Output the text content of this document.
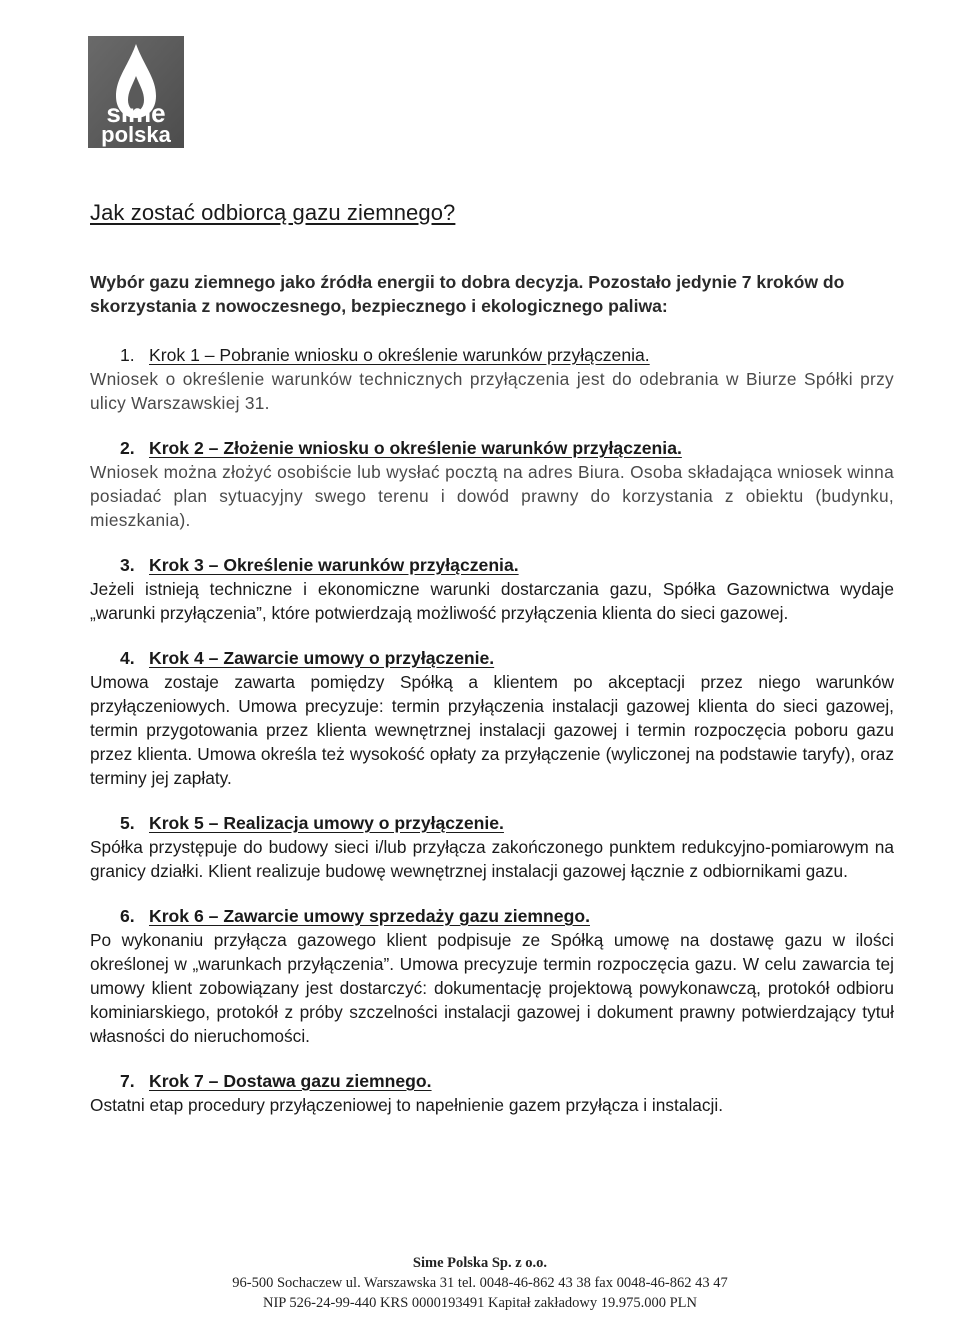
sime
polska
Jak zostać odbiorcą gazu ziemnego?

Wybór gazu ziemnego jako źródła energii to dobra decyzja. Pozostało jedynie 7 kroków do skorzystania z nowoczesnego, bezpiecznego i ekologicznego paliwa:

1. Krok 1 – Pobranie wniosku o określenie warunków przyłączenia.

Wniosek o określenie warunków technicznych przyłączenia jest do odebrania w Biurze Spółki przy ulicy Warszawskiej 31.

2. Krok 2 – Złożenie wniosku o określenie warunków przyłączenia.

Wniosek można złożyć osobiście lub wysłać pocztą na adres Biura. Osoba składająca wniosek winna posiadać plan sytuacyjny swego terenu i dowód prawny do korzystania z obiektu (budynku, mieszkania).

3. Krok 3 – Określenie warunków przyłączenia.

Jeżeli istnieją techniczne i ekonomiczne warunki dostarczania gazu, Spółka Gazownictwa wydaje „warunki przyłączenia”, które potwierdzają możliwość przyłączenia klienta do sieci gazowej.

4. Krok 4 – Zawarcie umowy o przyłączenie.

Umowa zostaje zawarta pomiędzy Spółką a klientem po akceptacji przez niego warunków przyłączeniowych. Umowa precyzuje: termin przyłączenia instalacji gazowej klienta do sieci gazowej, termin przygotowania przez klienta wewnętrznej instalacji gazowej i termin rozpoczęcia poboru gazu przez klienta. Umowa określa też wysokość opłaty za przyłączenie (wyliczonej na podstawie taryfy), oraz terminy jej zapłaty.

5. Krok 5 – Realizacja umowy o przyłączenie.

Spółka przystępuje do budowy sieci i/lub przyłącza zakończonego punktem redukcyjno-pomiarowym na granicy działki. Klient realizuje budowę wewnętrznej instalacji gazowej łącznie z odbiornikami gazu.

6. Krok 6 – Zawarcie umowy sprzedaży gazu ziemnego.

Po wykonaniu przyłącza gazowego klient podpisuje ze Spółką umowę na dostawę gazu w ilości określonej w „warunkach przyłączenia”. Umowa precyzuje termin rozpoczęcia gazu. W celu zawarcia tej umowy klient zobowiązany jest dostarczyć: dokumentację projektową powykonawczą, protokół odbioru kominiarskiego, protokół z próby szczelności instalacji gazowej i dokument prawny potwierdzający tytuł własności do nieruchomości.

7. Krok 7 – Dostawa gazu ziemnego.

Ostatni etap procedury przyłączeniowej to napełnienie gazem przyłącza i instalacji.

Sime Polska Sp. z o.o.

96-500 Sochaczew ul. Warszawska 31 tel. 0048-46-862 43 38 fax 0048-46-862 43 47

NIP 526-24-99-440 KRS 0000193491 Kapitał zakładowy 19.975.000 PLN
